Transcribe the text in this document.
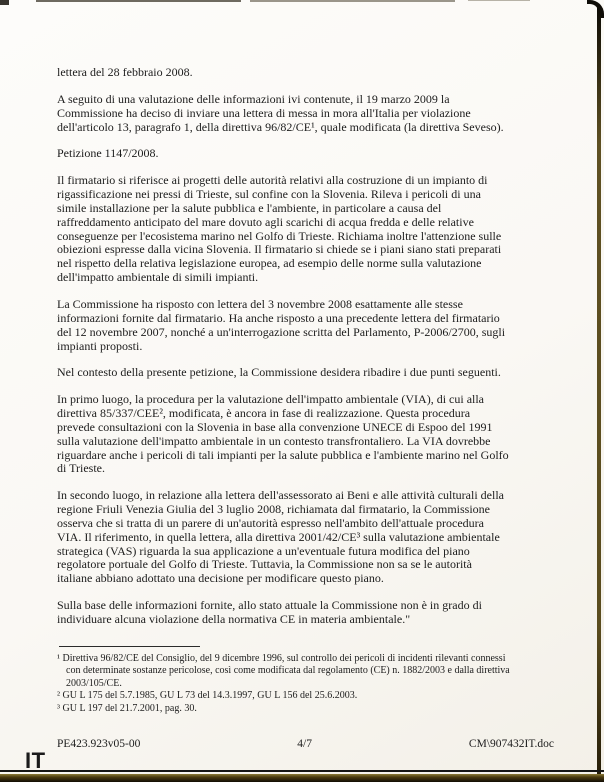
lettera del 28 febbraio 2008.

A seguito di una valutazione delle informazioni ivi contenute, il 19 marzo 2009 la
Commissione ha deciso di inviare una lettera di messa in mora all'Italia per violazione
dell'articolo 13, paragrafo 1, della direttiva 96/82/CE¹, quale modificata (la direttiva Seveso).

Petizione 1147/2008.

Il firmatario si riferisce ai progetti delle autorità relativi alla costruzione di un impianto di
rigassificazione nei pressi di Trieste, sul confine con la Slovenia. Rileva i pericoli di una
simile installazione per la salute pubblica e l'ambiente, in particolare a causa del
raffreddamento anticipato del mare dovuto agli scarichi di acqua fredda e delle relative
conseguenze per l'ecosistema marino nel Golfo di Trieste. Richiama inoltre l'attenzione sulle
obiezioni espresse dalla vicina Slovenia. Il firmatario si chiede se i piani siano stati preparati
nel rispetto della relativa legislazione europea, ad esempio delle norme sulla valutazione
dell'impatto ambientale di simili impianti.

La Commissione ha risposto con lettera del 3 novembre 2008 esattamente alle stesse
informazioni fornite dal firmatario. Ha anche risposto a una precedente lettera del firmatario
del 12 novembre 2007, nonché a un'interrogazione scritta del Parlamento, P-2006/2700, sugli
impianti proposti.

Nel contesto della presente petizione, la Commissione desidera ribadire i due punti seguenti.

In primo luogo, la procedura per la valutazione dell'impatto ambientale (VIA), di cui alla
direttiva 85/337/CEE², modificata, è ancora in fase di realizzazione. Questa procedura
prevede consultazioni con la Slovenia in base alla convenzione UNECE di Espoo del 1991
sulla valutazione dell'impatto ambientale in un contesto transfrontaliero. La VIA dovrebbe
riguardare anche i pericoli di tali impianti per la salute pubblica e l'ambiente marino nel Golfo
di Trieste.

In secondo luogo, in relazione alla lettera dell'assessorato ai Beni e alle attività culturali della
regione Friuli Venezia Giulia del 3 luglio 2008, richiamata dal firmatario, la Commissione
osserva che si tratta di un parere di un'autorità espresso nell'ambito dell'attuale procedura
VIA. Il riferimento, in quella lettera, alla direttiva 2001/42/CE³ sulla valutazione ambientale
strategica (VAS) riguarda la sua applicazione a un'eventuale futura modifica del piano
regolatore portuale del Golfo di Trieste. Tuttavia, la Commissione non sa se le autorità
italiane abbiano adottato una decisione per modificare questo piano.

Sulla base delle informazioni fornite, allo stato attuale la Commissione non è in grado di
individuare alcuna violazione della normativa CE in materia ambientale."

¹ Direttiva 96/82/CE del Consiglio, del 9 dicembre 1996, sul controllo dei pericoli di incidenti rilevanti connessi
con determinate sostanze pericolose, così come modificata dal regolamento (CE) n. 1882/2003 e dalla direttiva
2003/105/CE.
² GU L 175 del 5.7.1985, GU L 73 del 14.3.1997, GU L 156 del 25.6.2003.
³ GU L 197 del 21.7.2001, pag. 30.
PE423.923v05-00	4/7	CM\907432IT.doc
IT
